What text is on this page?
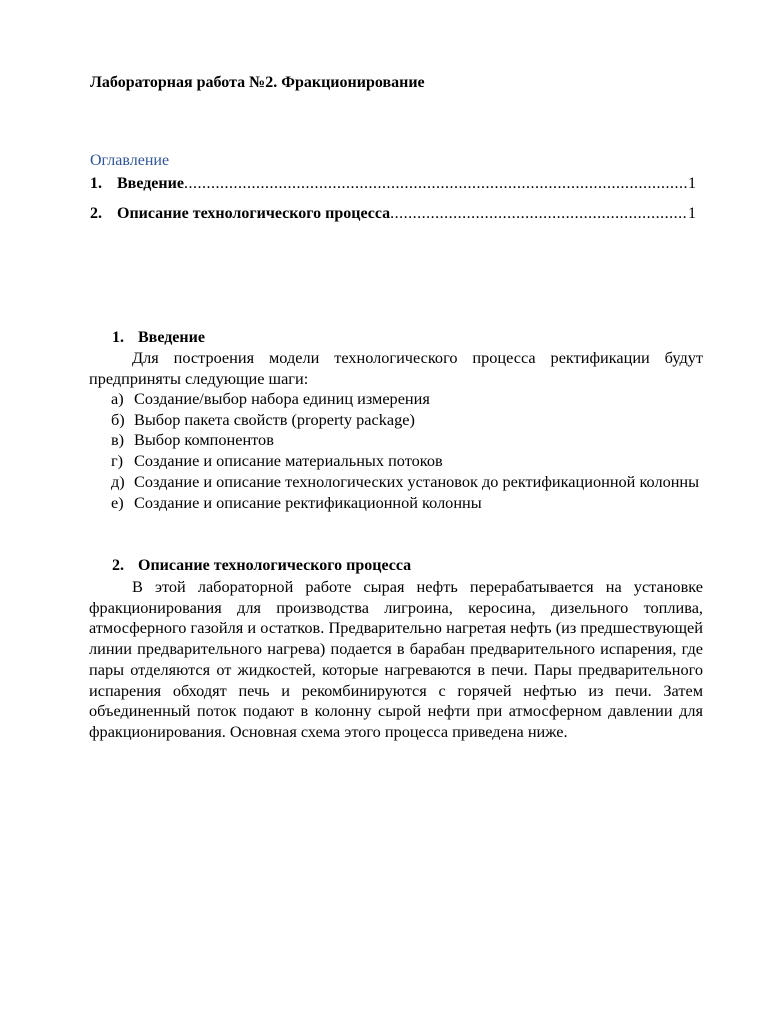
Лабораторная работа №2. Фракционирование
Оглавление
1. Введение .....	1
2. Описание технологического процесса .....	1
1. Введение
Для построения модели технологического процесса ректификации будут предприняты следующие шаги:
а) Создание/выбор набора единиц измерения
б) Выбор пакета свойств (property package)
в) Выбор компонентов
г) Создание и описание материальных потоков
д) Создание и описание технологических установок до ректификационной колонны
е) Создание и описание ректификационной колонны
2. Описание технологического процесса
В этой лабораторной работе сырая нефть перерабатывается на установке фракционирования для производства лигроина, керосина, дизельного топлива, атмосферного газойля и остатков. Предварительно нагретая нефть (из предшествующей линии предварительного нагрева) подается в барабан предварительного испарения, где пары отделяются от жидкостей, которые нагреваются в печи. Пары предварительного испарения обходят печь и рекомбинируются с горячей нефтью из печи. Затем объединенный поток подают в колонну сырой нефти при атмосферном давлении для фракционирования. Основная схема этого процесса приведена ниже.
